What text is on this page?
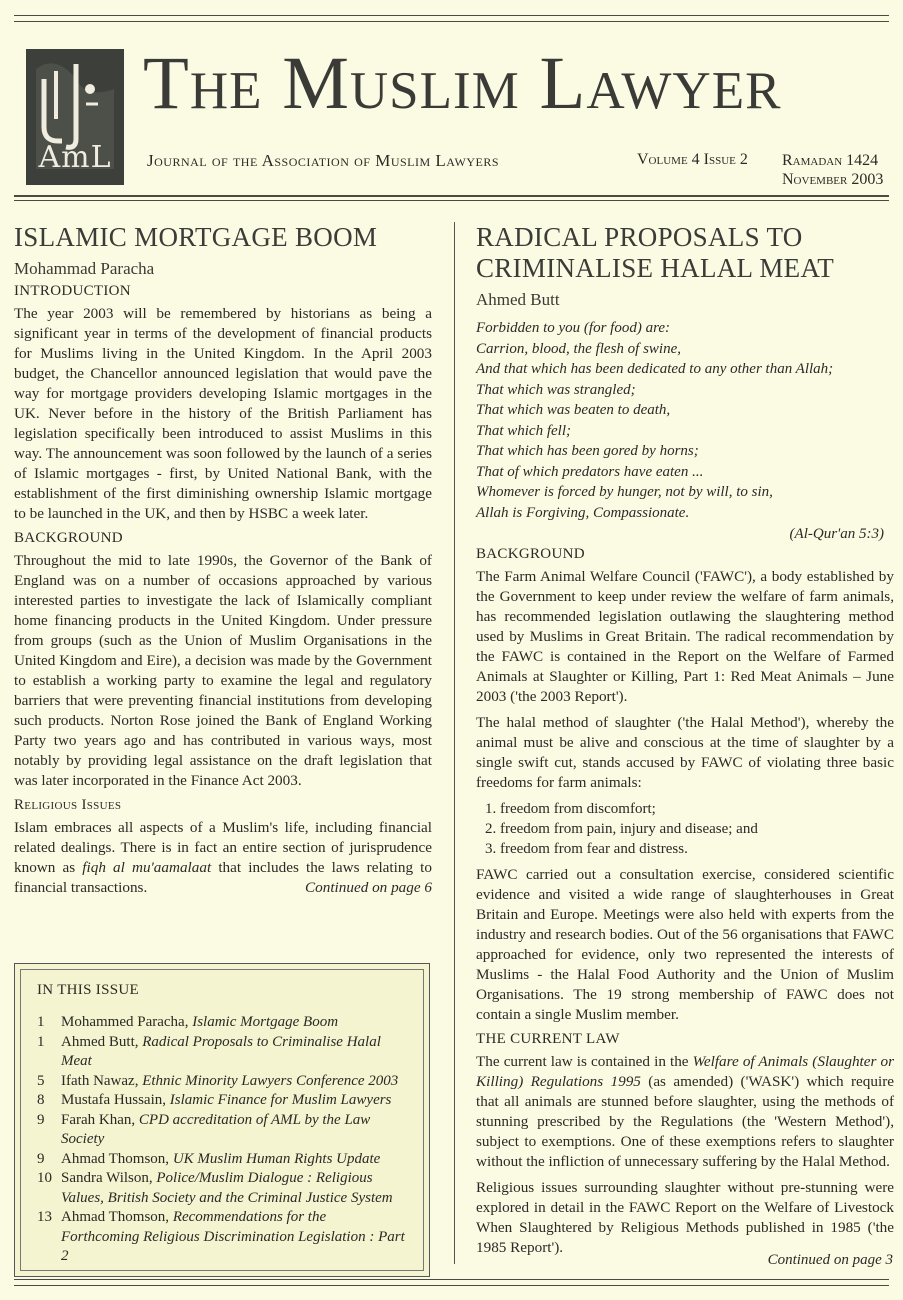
AmL
The Muslim Lawyer
Journal of the Association of Muslim Lawyers	Volume 4 Issue 2 Ramadan 1424
November 2003
ISLAMIC MORTGAGE BOOM
Mohammad Paracha
INTRODUCTION

The year 2003 will be remembered by historians as being a significant year in terms of the development of financial products for Muslims living in the United Kingdom. In the April 2003 budget, the Chancellor announced legislation that would pave the way for mortgage providers developing Islamic mortgages in the UK. Never before in the history of the British Parliament has legislation specifically been introduced to assist Muslims in this way. The announcement was soon followed by the launch of a series of Islamic mortgages - first, by United National Bank, with the establishment of the first diminishing ownership Islamic mortgage to be launched in the UK, and then by HSBC a week later.

BACKGROUND

Throughout the mid to late 1990s, the Governor of the Bank of England was on a number of occasions approached by various interested parties to investigate the lack of Islamically compliant home financing products in the United Kingdom. Under pressure from groups (such as the Union of Muslim Organisations in the United Kingdom and Eire), a decision was made by the Government to establish a working party to examine the legal and regulatory barriers that were preventing financial institutions from developing such products. Norton Rose joined the Bank of England Working Party two years ago and has contributed in various ways, most notably by providing legal assistance on the draft legislation that was later incorporated in the Finance Act 2003.

Religious Issues

Islam embraces all aspects of a Muslim's life, including financial related dealings. There is in fact an entire section of jurisprudence known as fiqh al mu'aamalaat that includes the laws relating to financial transactions.	Continued on page 6

IN THIS ISSUE
1	Mohammed Paracha, Islamic Mortgage Boom
1	Ahmed Butt, Radical Proposals to Criminalise Halal Meat
5	Ifath Nawaz, Ethnic Minority Lawyers Conference 2003
8	Mustafa Hussain, Islamic Finance for Muslim Lawyers
9	Farah Khan, CPD accreditation of AML by the Law Society
9	Ahmad Thomson, UK Muslim Human Rights Update
10 Sandra Wilson, Police/Muslim Dialogue : Religious Values, British Society and the Criminal Justice System
13 Ahmad Thomson, Recommendations for the Forthcoming Religious Discrimination Legislation : Part 2
RADICAL PROPOSALS TO CRIMINALISE HALAL MEAT
Ahmed Butt
Forbidden to you (for food) are:
Carrion, blood, the flesh of swine,
And that which has been dedicated to any other than Allah;
That which was strangled;
That which was beaten to death,
That which fell;
That which has been gored by horns;
That of which predators have eaten ...
Whomever is forced by hunger, not by will, to sin,
Allah is Forgiving, Compassionate.
(Al-Qur'an 5:3)
BACKGROUND

The Farm Animal Welfare Council ('FAWC'), a body established by the Government to keep under review the welfare of farm animals, has recommended legislation outlawing the slaughtering method used by Muslims in Great Britain. The radical recommendation by the FAWC is contained in the Report on the Welfare of Farmed Animals at Slaughter or Killing, Part 1: Red Meat Animals – June 2003 ('the 2003 Report').

The halal method of slaughter ('the Halal Method'), whereby the animal must be alive and conscious at the time of slaughter by a single swift cut, stands accused by FAWC of violating three basic freedoms for farm animals:

1. freedom from discomfort;
2. freedom from pain, injury and disease; and
3. freedom from fear and distress.

FAWC carried out a consultation exercise, considered scientific evidence and visited a wide range of slaughterhouses in Great Britain and Europe. Meetings were also held with experts from the industry and research bodies. Out of the 56 organisations that FAWC approached for evidence, only two represented the interests of Muslims - the Halal Food Authority and the Union of Muslim Organisations. The 19 strong membership of FAWC does not contain a single Muslim member.

THE CURRENT LAW

The current law is contained in the Welfare of Animals (Slaughter or Killing) Regulations 1995 (as amended) ('WASK') which require that all animals are stunned before slaughter, using the methods of stunning prescribed by the Regulations (the 'Western Method'), subject to exemptions. One of these exemptions refers to slaughter without the infliction of unnecessary suffering by the Halal Method.

Religious issues surrounding slaughter without pre-stunning were explored in detail in the FAWC Report on the Welfare of Livestock When Slaughtered by Religious Methods published in 1985 ('the 1985 Report').

Continued on page 3
